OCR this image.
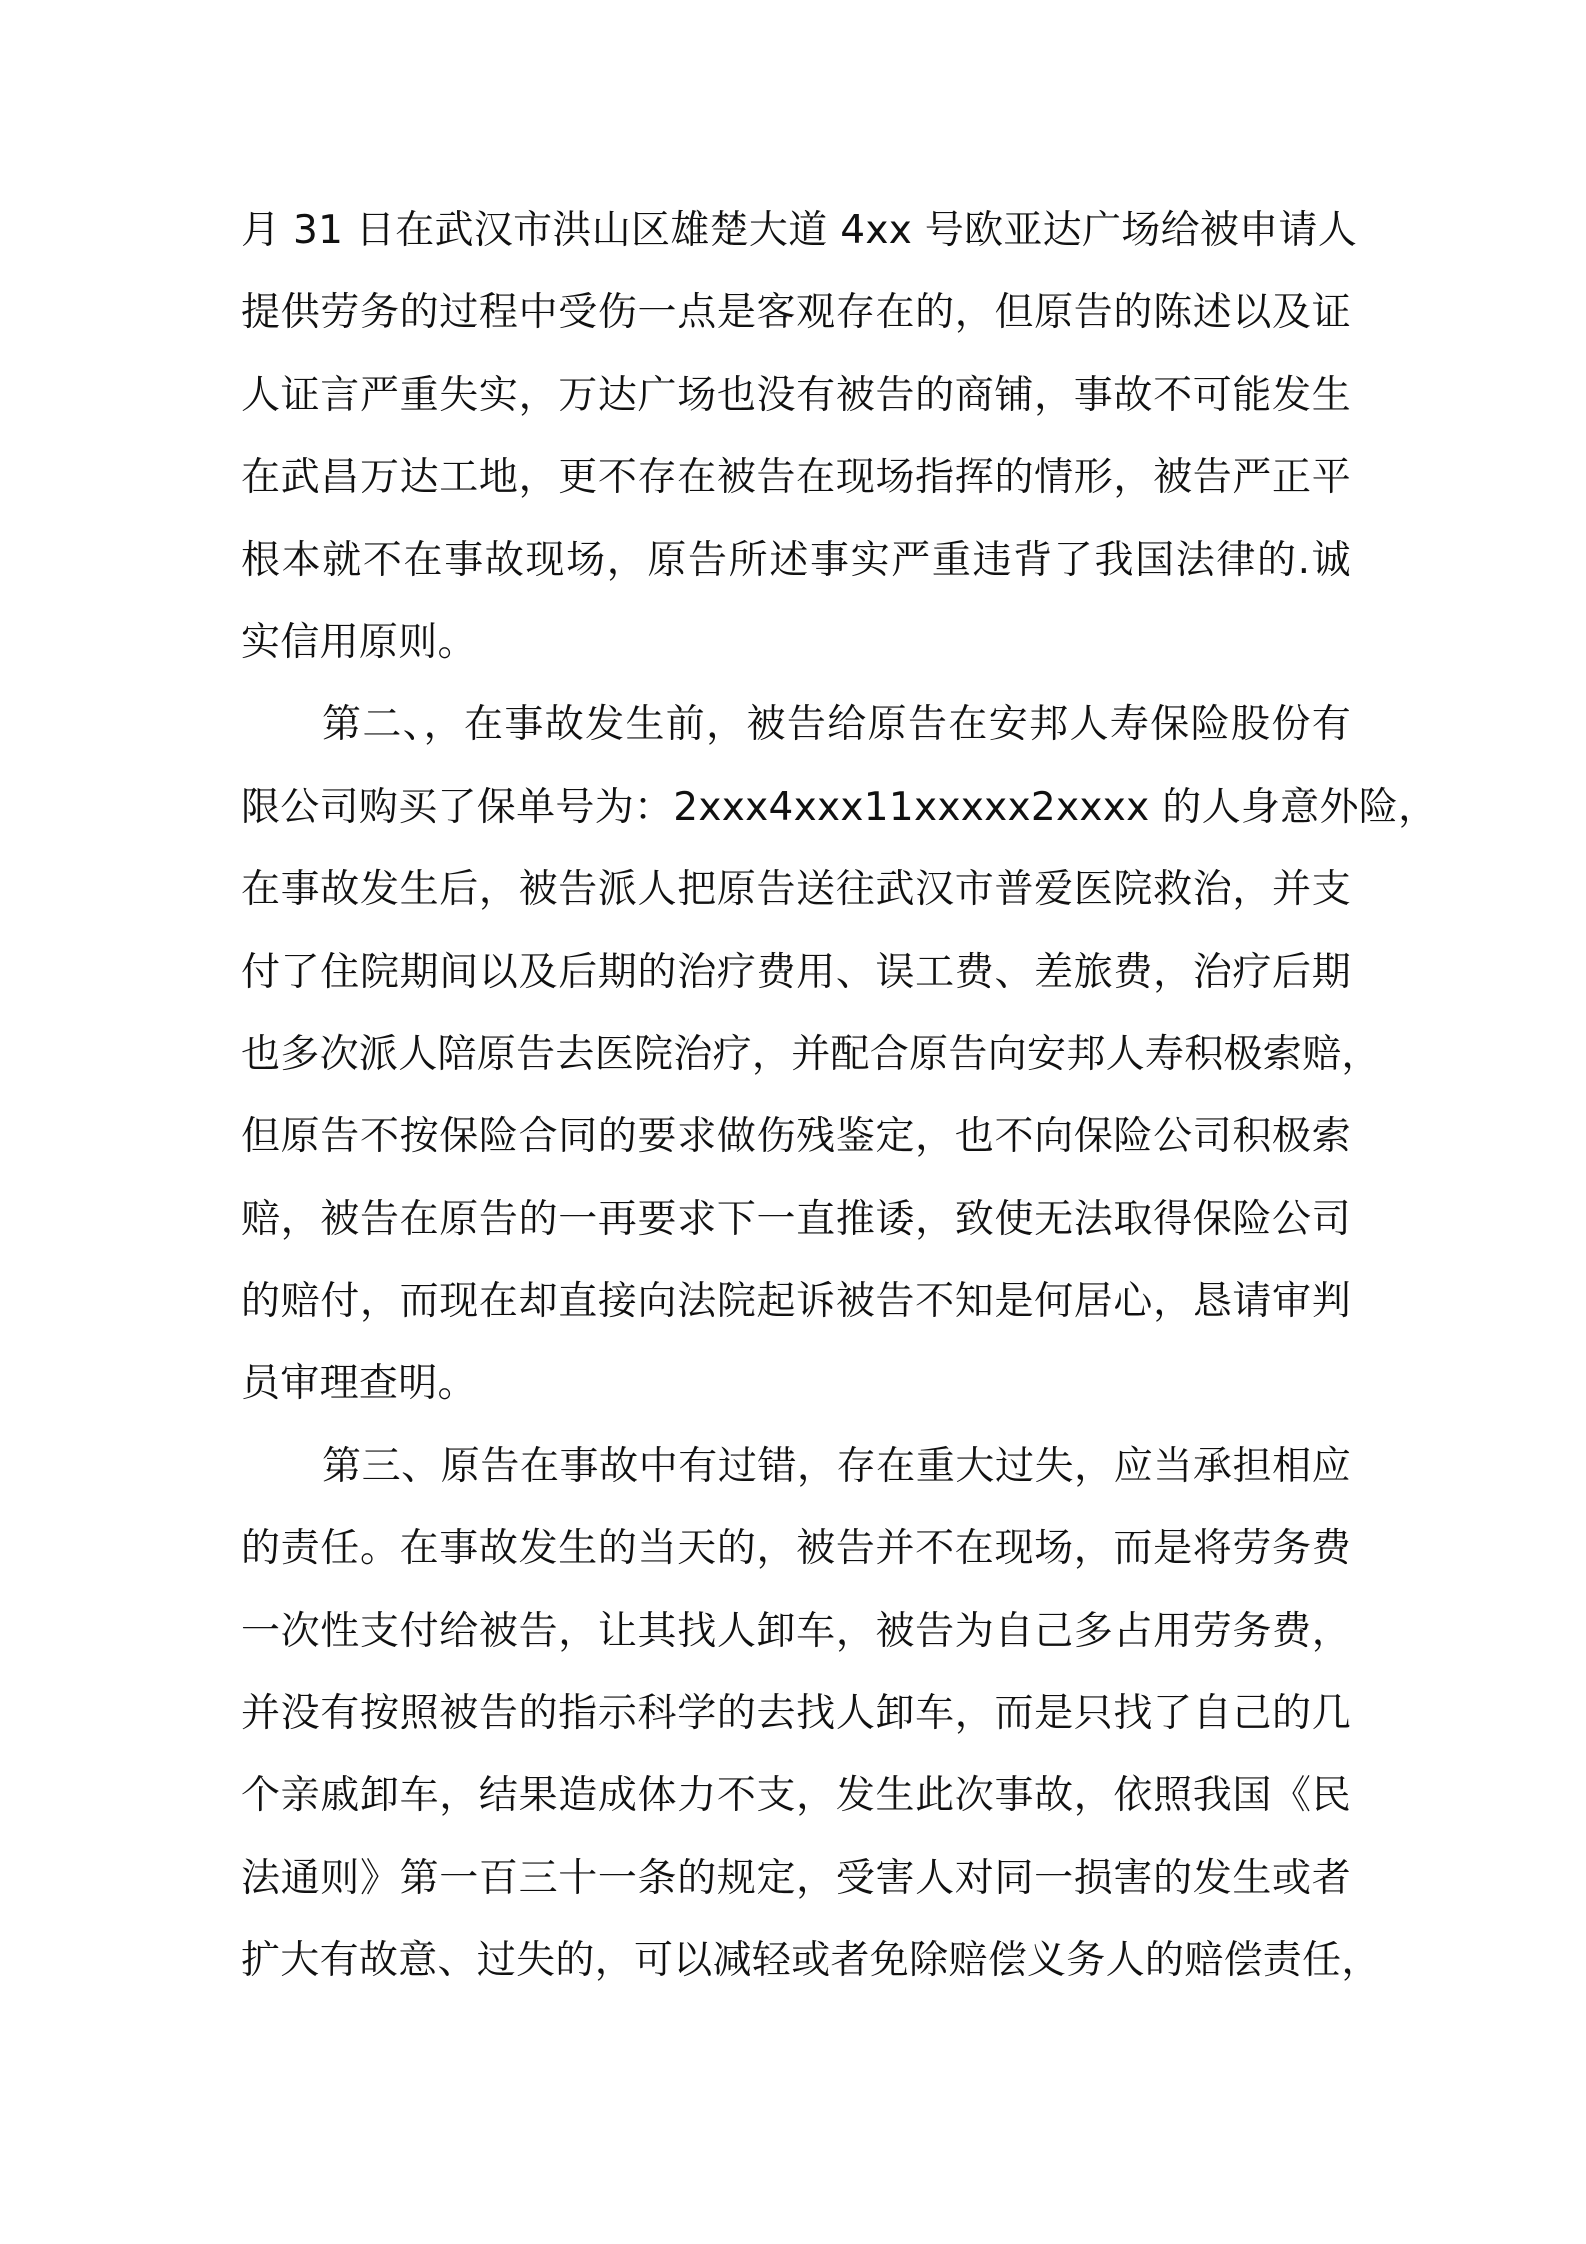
月 31 日在武汉市洪山区雄楚大道 4xx 号欧亚达广场给被申请人
提供劳务的过程中受伤一点是客观存在的，但原告的陈述以及证
人证言严重失实，万达广场也没有被告的商铺，事故不可能发生
在武昌万达工地，更不存在被告在现场指挥的情形，被告严正平
根本就不在事故现场，原告所述事实严重违背了我国法律的.诚
实信用原则。
第二、，在事故发生前，被告给原告在安邦人寿保险股份有
限公司购买了保单号为：2xxx4xxx11xxxxx2xxxx 的人身意外险，
在事故发生后，被告派人把原告送往武汉市普爱医院救治，并支
付了住院期间以及后期的治疗费用、误工费、差旅费，治疗后期
也多次派人陪原告去医院治疗，并配合原告向安邦人寿积极索赔，
但原告不按保险合同的要求做伤残鉴定，也不向保险公司积极索
赔，被告在原告的一再要求下一直推诿，致使无法取得保险公司
的赔付，而现在却直接向法院起诉被告不知是何居心，恳请审判
员审理查明。
第三、原告在事故中有过错，存在重大过失，应当承担相应
的责任。在事故发生的当天的，被告并不在现场，而是将劳务费
一次性支付给被告，让其找人卸车，被告为自己多占用劳务费，
并没有按照被告的指示科学的去找人卸车，而是只找了自己的几
个亲戚卸车，结果造成体力不支，发生此次事故，依照我国《民
法通则》第一百三十一条的规定，受害人对同一损害的发生或者
扩大有故意、过失的，可以减轻或者免除赔偿义务人的赔偿责任，
